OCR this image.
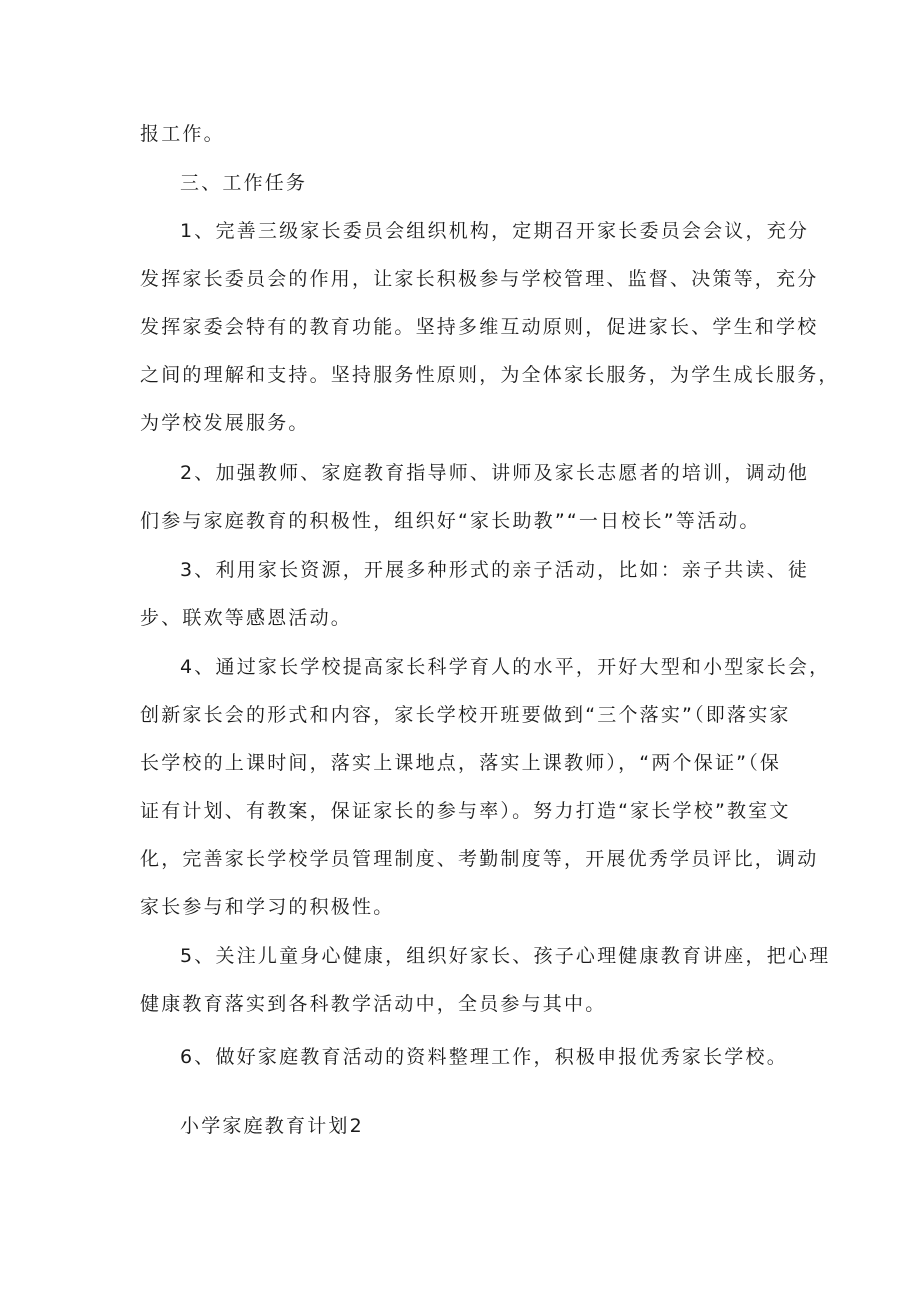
报工作。
三、工作任务
1、完善三级家长委员会组织机构，定期召开家长委员会会议，充分
发挥家长委员会的作用，让家长积极参与学校管理、监督、决策等，充分
发挥家委会特有的教育功能。坚持多维互动原则，促进家长、学生和学校
之间的理解和支持。坚持服务性原则，为全体家长服务，为学生成长服务，
为学校发展服务。
2、加强教师、家庭教育指导师、讲师及家长志愿者的培训，调动他
们参与家庭教育的积极性，组织好“家长助教”“一日校长”等活动。
3、利用家长资源，开展多种形式的亲子活动，比如：亲子共读、徒
步、联欢等感恩活动。
4、通过家长学校提高家长科学育人的水平，开好大型和小型家长会，
创新家长会的形式和内容，家长学校开班要做到“三个落实”（即落实家
长学校的上课时间，落实上课地点，落实上课教师），“两个保证”（保
证有计划、有教案，保证家长的参与率）。努力打造“家长学校”教室文
化，完善家长学校学员管理制度、考勤制度等，开展优秀学员评比，调动
家长参与和学习的积极性。
5、关注儿童身心健康，组织好家长、孩子心理健康教育讲座，把心理
健康教育落实到各科教学活动中，全员参与其中。
6、做好家庭教育活动的资料整理工作，积极申报优秀家长学校。
小学家庭教育计划2
